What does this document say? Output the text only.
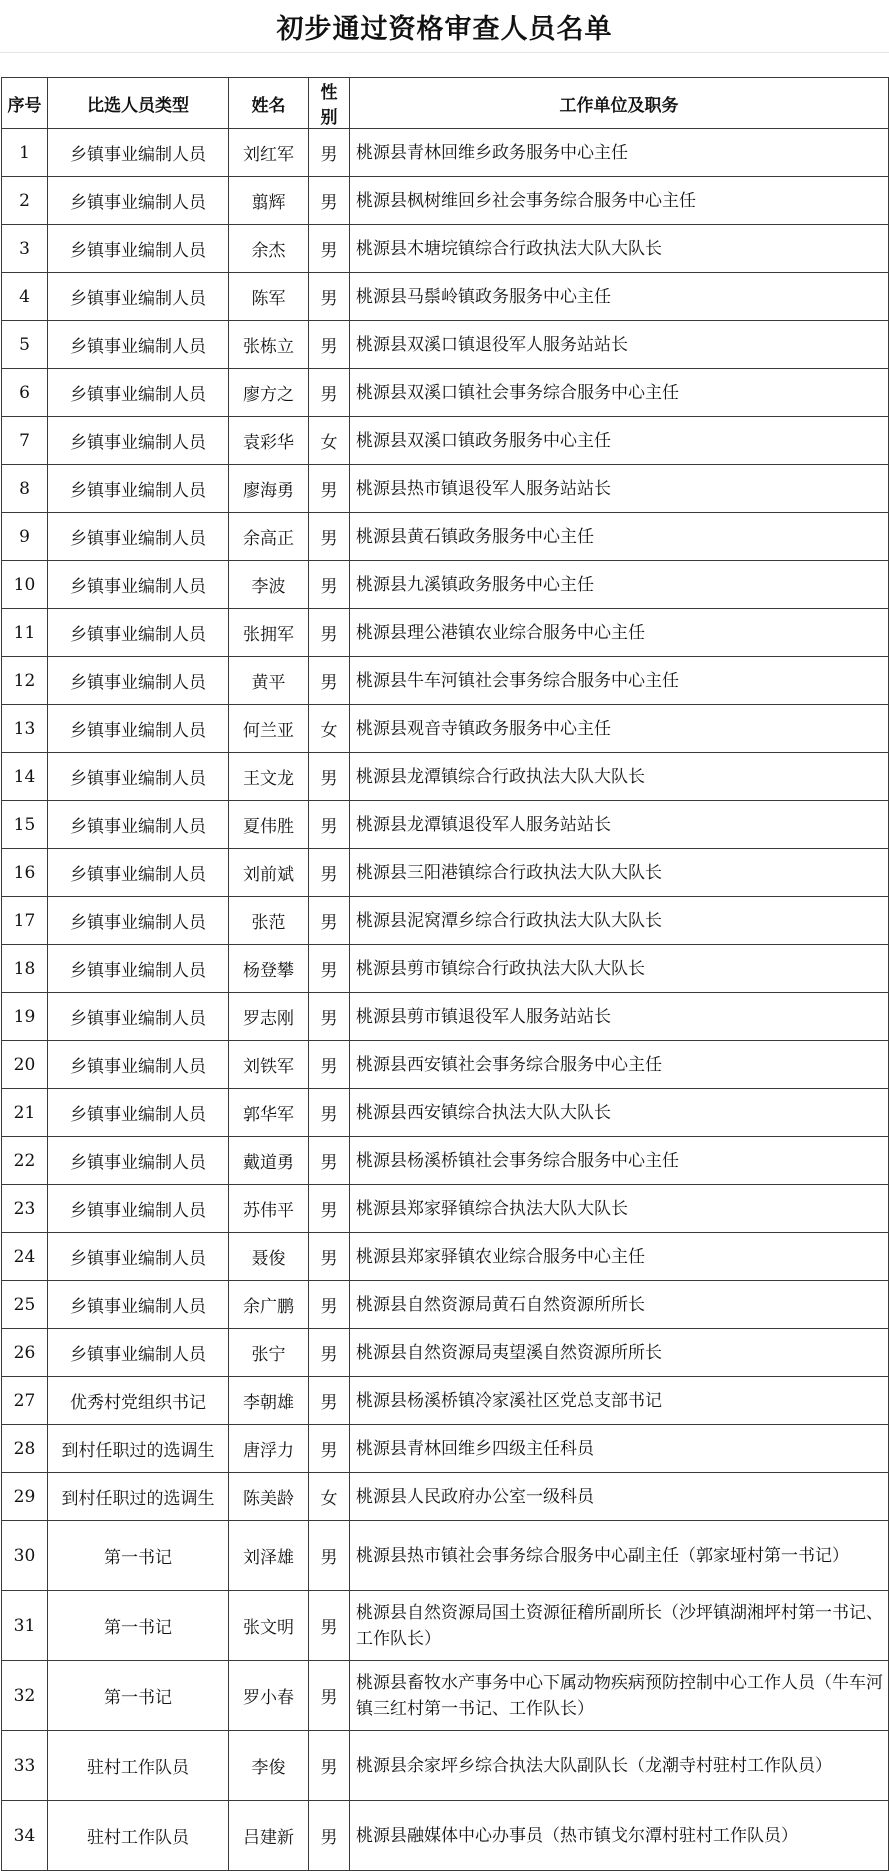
初步通过资格审查人员名单
序号	比选人员类型	姓名	性别	工作单位及职务
1	乡镇事业编制人员	刘红军	男	桃源县青林回维乡政务服务中心主任
2	乡镇事业编制人员	翦辉	男	桃源县枫树维回乡社会事务综合服务中心主任
3	乡镇事业编制人员	余杰	男	桃源县木塘垸镇综合行政执法大队大队长
4	乡镇事业编制人员	陈军	男	桃源县马鬃岭镇政务服务中心主任
5	乡镇事业编制人员	张栋立	男	桃源县双溪口镇退役军人服务站站长
6	乡镇事业编制人员	廖方之	男	桃源县双溪口镇社会事务综合服务中心主任
7	乡镇事业编制人员	袁彩华	女	桃源县双溪口镇政务服务中心主任
8	乡镇事业编制人员	廖海勇	男	桃源县热市镇退役军人服务站站长
9	乡镇事业编制人员	余高正	男	桃源县黄石镇政务服务中心主任
10	乡镇事业编制人员	李波	男	桃源县九溪镇政务服务中心主任
11	乡镇事业编制人员	张拥军	男	桃源县理公港镇农业综合服务中心主任
12	乡镇事业编制人员	黄平	男	桃源县牛车河镇社会事务综合服务中心主任
13	乡镇事业编制人员	何兰亚	女	桃源县观音寺镇政务服务中心主任
14	乡镇事业编制人员	王文龙	男	桃源县龙潭镇综合行政执法大队大队长
15	乡镇事业编制人员	夏伟胜	男	桃源县龙潭镇退役军人服务站站长
16	乡镇事业编制人员	刘前斌	男	桃源县三阳港镇综合行政执法大队大队长
17	乡镇事业编制人员	张范	男	桃源县泥窝潭乡综合行政执法大队大队长
18	乡镇事业编制人员	杨登攀	男	桃源县剪市镇综合行政执法大队大队长
19	乡镇事业编制人员	罗志刚	男	桃源县剪市镇退役军人服务站站长
20	乡镇事业编制人员	刘铁军	男	桃源县西安镇社会事务综合服务中心主任
21	乡镇事业编制人员	郭华军	男	桃源县西安镇综合执法大队大队长
22	乡镇事业编制人员	戴道勇	男	桃源县杨溪桥镇社会事务综合服务中心主任
23	乡镇事业编制人员	苏伟平	男	桃源县郑家驿镇综合执法大队大队长
24	乡镇事业编制人员	聂俊	男	桃源县郑家驿镇农业综合服务中心主任
25	乡镇事业编制人员	余广鹏	男	桃源县自然资源局黄石自然资源所所长
26	乡镇事业编制人员	张宁	男	桃源县自然资源局夷望溪自然资源所所长
27	优秀村党组织书记	李朝雄	男	桃源县杨溪桥镇冷家溪社区党总支部书记
28	到村任职过的选调生	唐浮力	男	桃源县青林回维乡四级主任科员
29	到村任职过的选调生	陈美龄	女	桃源县人民政府办公室一级科员
30	第一书记	刘泽雄	男	桃源县热市镇社会事务综合服务中心副主任（郭家垭村第一书记）
31	第一书记	张文明	男	桃源县自然资源局国土资源征稽所副所长（沙坪镇湖湘坪村第一书记、工作队长）
32	第一书记	罗小春	男	桃源县畜牧水产事务中心下属动物疾病预防控制中心工作人员（牛车河镇三红村第一书记、工作队长）
33	驻村工作队员	李俊	男	桃源县余家坪乡综合执法大队副队长（龙潮寺村驻村工作队员）
34	驻村工作队员	吕建新	男	桃源县融媒体中心办事员（热市镇戈尔潭村驻村工作队员）
